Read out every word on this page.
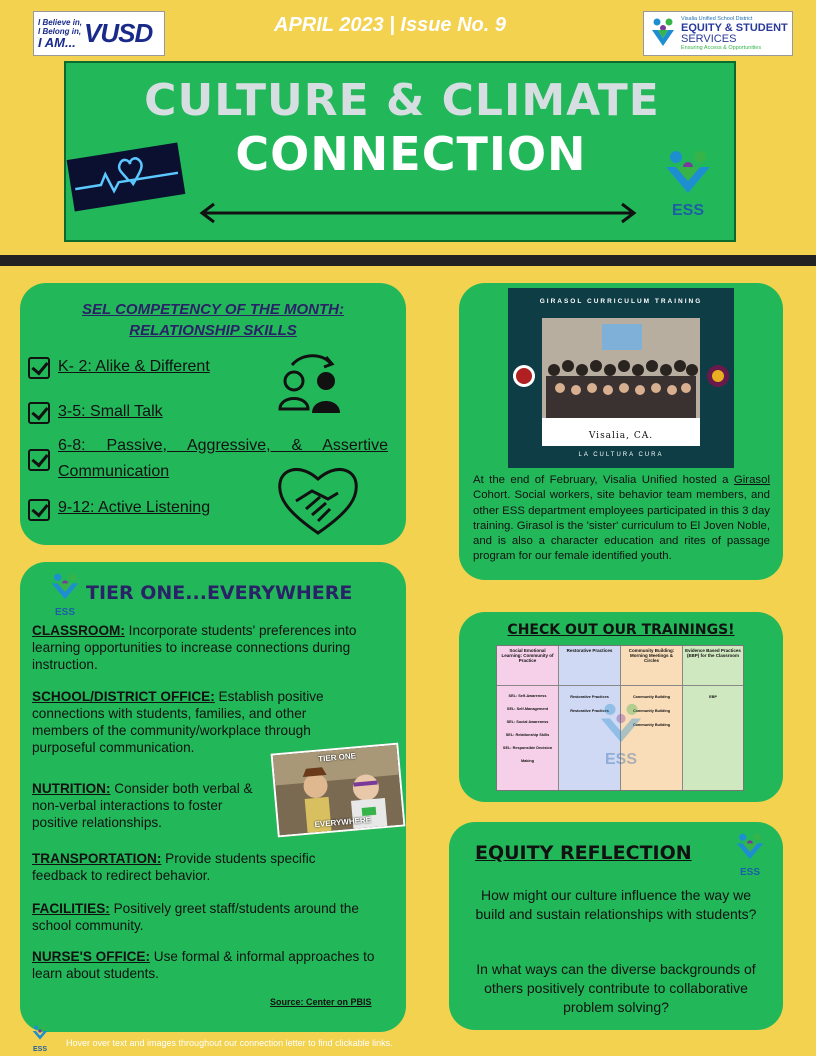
I Believe in,
I Belong in,
I AM... VUSD	APRIL 2023 | Issue No. 9	Visalia Unified School District
EQUITY & STUDENT
SERVICES
Ensuring Access & Opportunities
CULTURE & CLIMATE
CONNECTION
ESS
SEL COMPETENCY OF THE MONTH:
RELATIONSHIP SKILLS
K- 2: Alike & Different
3-5: Small Talk
6-8: Passive, Aggressive, & Assertive
Communication
9-12: Active Listening
ESS
TIER ONE...EVERYWHERE
CLASSROOM: Incorporate students' preferences into learning opportunities to increase connections during instruction.
SCHOOL/DISTRICT OFFICE: Establish positive connections with students, families, and other members of the community/workplace through purposeful communication.
NUTRITION: Consider both verbal & non-verbal interactions to foster positive relationships.
TRANSPORTATION: Provide students specific feedback to redirect behavior.
FACILITIES: Positively greet staff/students around the school community.
NURSE'S OFFICE: Use formal & informal approaches to learn about students.
TIER ONE
EVERYWHERE
Source: Center on PBIS
GIRASOL CURRICULUM TRAINING
Visalia, CA.
LA CULTURA CURA
At the end of February, Visalia Unified hosted a Girasol Cohort. Social workers, site behavior team members, and other ESS department employees participated in this 3 day training. Girasol is the 'sister' curriculum to El Joven Noble, and is also a character education and rites of passage program for our female identified youth.
CHECK OUT OUR TRAININGS!
Social Emotional Learning: Community of Practice
SEL: Self-Awareness
SEL: Self-Management
SEL: Social Awareness
SEL: Relationship Skills
SEL: Responsible Decision Making
Restorative Practices
Restorative Practices
Restorative Practices
Community Building: Morning Meetings & Circles
Community Building
Community Building
Community Building
Evidence Based Practices (EBP) for the Classroom
EBP
ESS
EQUITY REFLECTION
ESS
How might our culture influence the way we build and sustain relationships with students?
In what ways can the diverse backgrounds of others positively contribute to collaborative problem solving?
ESS
Hover over text and images throughout our connection letter to find clickable links.
